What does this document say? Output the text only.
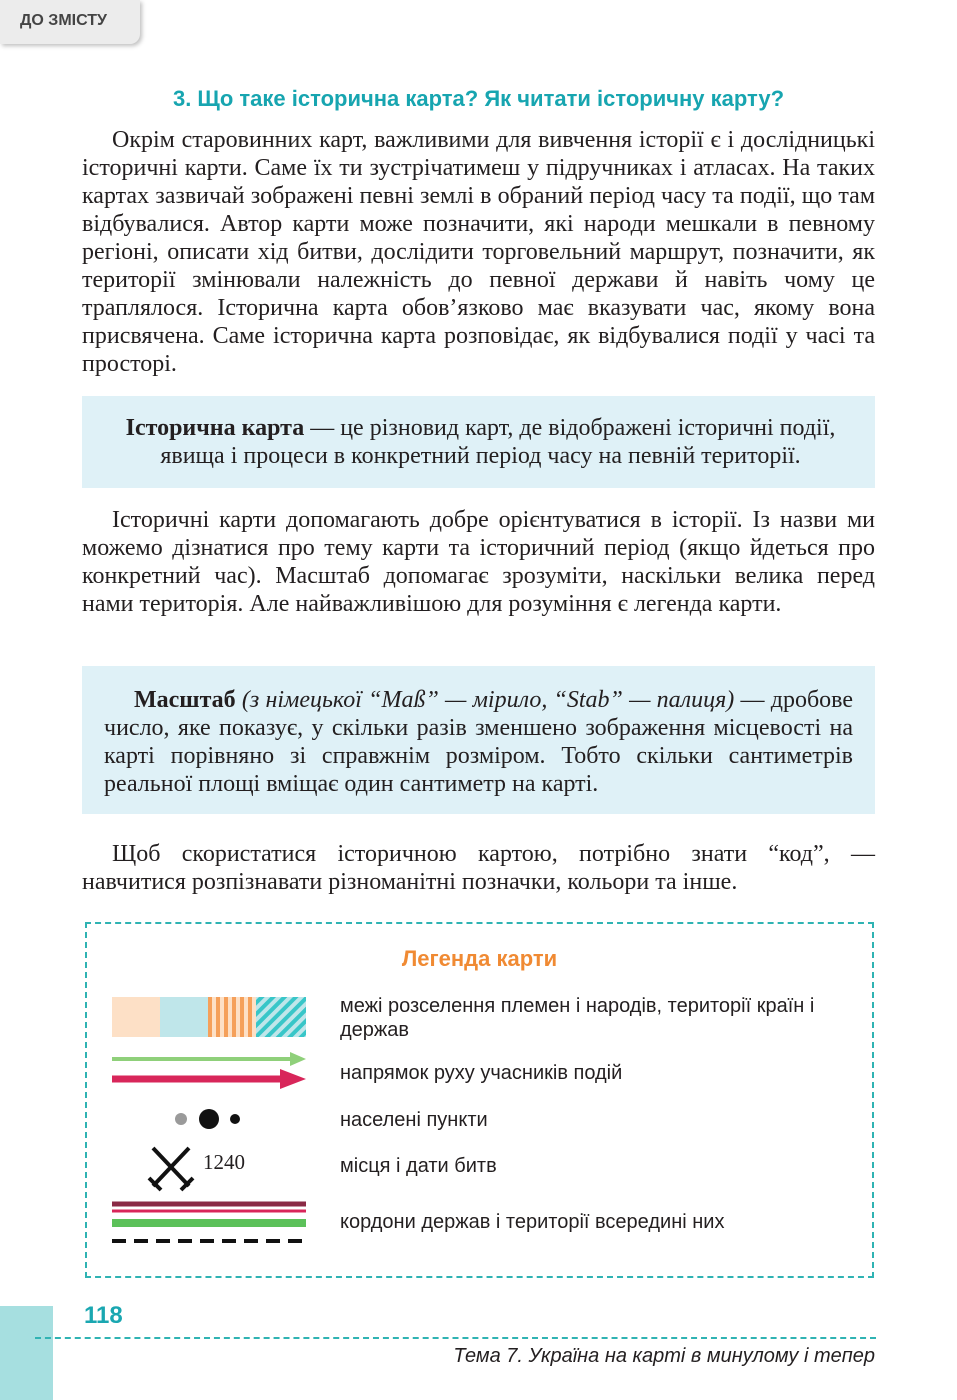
ДО ЗМІСТУ
3. Що таке історична карта? Як читати історичну карту?

Окрім старовинних карт, важливими для вивчення історії є і дослідницькі історичні карти. Саме їх ти зустрічатимеш у підручниках і атласах. На таких картах зазвичай зображені певні землі в обраний період часу та події, що там відбувалися. Автор карти може позначити, які народи мешкали в певному регіоні, описати хід битви, дослідити торговельний маршрут, позначити, як території змінювали належність до певної держави й навіть чому це траплялося. Історична карта обов’язково має вказувати час, якому вона присвячена. Саме історична карта розповідає, як відбувалися події у часі та просторі.

Історична карта — це різновид карт, де відображені історичні події, явища і процеси в конкретний період часу на певній території.

Історичні карти допомагають добре орієнтуватися в історії. Із назви ми можемо дізнатися про тему карти та історичний період (якщо йдеться про конкретний час). Масштаб допомагає зрозуміти, наскільки велика перед нами територія. Але найважливішою для розуміння є легенда карти.

Масштаб (з німецької “Maß” — мірило, “Stab” — палиця) — дробове число, яке показує, у скільки разів зменшено зображення місцевості на карті порівняно зі справжнім розміром. Тобто скільки сантиметрів реальної площі вміщає один сантиметр на карті.

Щоб скористатися історичною картою, потрібно знати “код”, — навчитися розпізнавати різноманітні позначки, кольори та інше.

Легенда карти
межі розселення племен і народів, території країн і держав
напрямок руху учасників подій
населені пункти
1240	місця і дати битв
кордони держав і території всередині них
118
Тема 7. Україна на карті в минулому і тепер
